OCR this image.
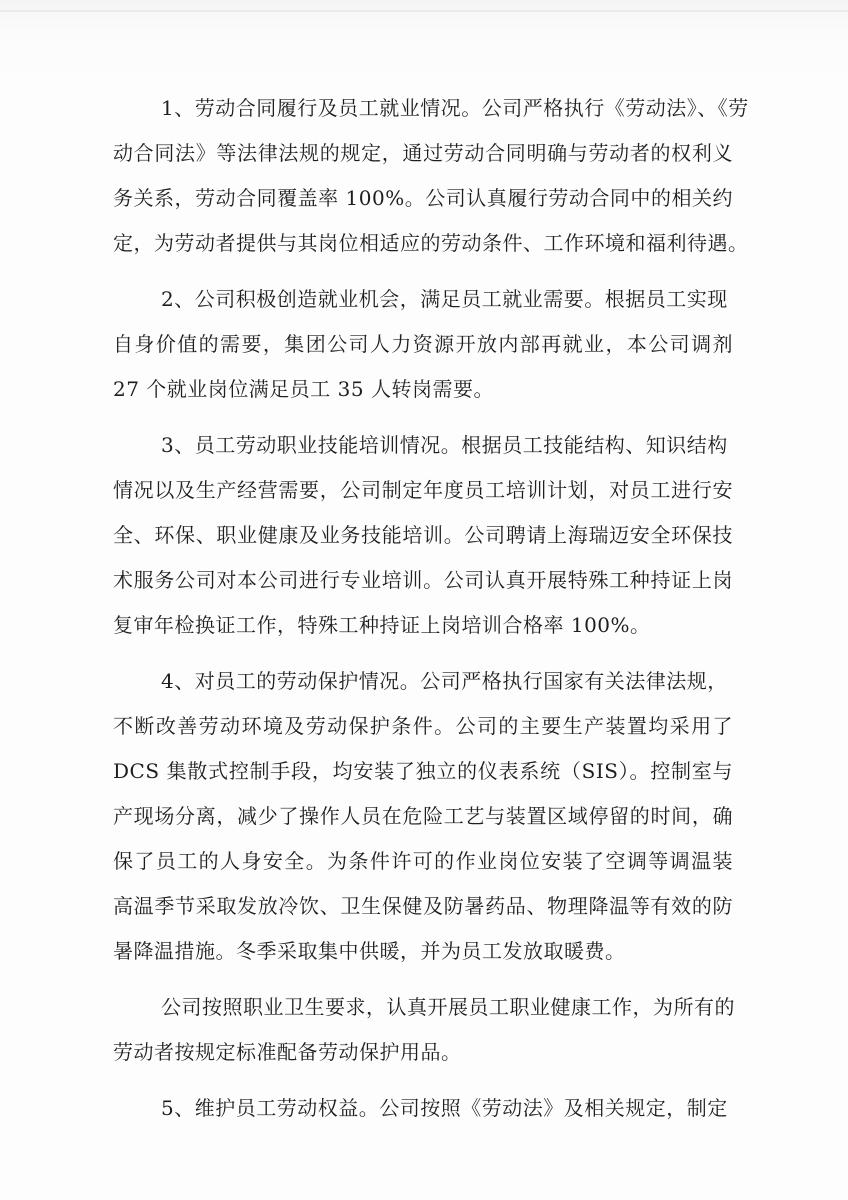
1、劳动合同履行及员工就业情况。公司严格执行《劳动法》、《劳
动合同法》等法律法规的规定，通过劳动合同明确与劳动者的权利义
务关系，劳动合同覆盖率 100%。公司认真履行劳动合同中的相关约
定，为劳动者提供与其岗位相适应的劳动条件、工作环境和福利待遇。
2、公司积极创造就业机会，满足员工就业需要。根据员工实现
自身价值的需要，集团公司人力资源开放内部再就业，本公司调剂
27 个就业岗位满足员工 35 人转岗需要。
3、员工劳动职业技能培训情况。根据员工技能结构、知识结构
情况以及生产经营需要，公司制定年度员工培训计划，对员工进行安
全、环保、职业健康及业务技能培训。公司聘请上海瑞迈安全环保技
术服务公司对本公司进行专业培训。公司认真开展特殊工种持证上岗
复审年检换证工作，特殊工种持证上岗培训合格率 100%。
4、对员工的劳动保护情况。公司严格执行国家有关法律法规，
不断改善劳动环境及劳动保护条件。公司的主要生产装置均采用了
DCS 集散式控制手段，均安装了独立的仪表系统（SIS）。控制室与
产现场分离，减少了操作人员在危险工艺与装置区域停留的时间，确
保了员工的人身安全。为条件许可的作业岗位安装了空调等调温装
高温季节采取发放冷饮、卫生保健及防暑药品、物理降温等有效的防
暑降温措施。冬季采取集中供暖，并为员工发放取暖费。
公司按照职业卫生要求，认真开展员工职业健康工作，为所有的
劳动者按规定标准配备劳动保护用品。
5、维护员工劳动权益。公司按照《劳动法》及相关规定，制定
